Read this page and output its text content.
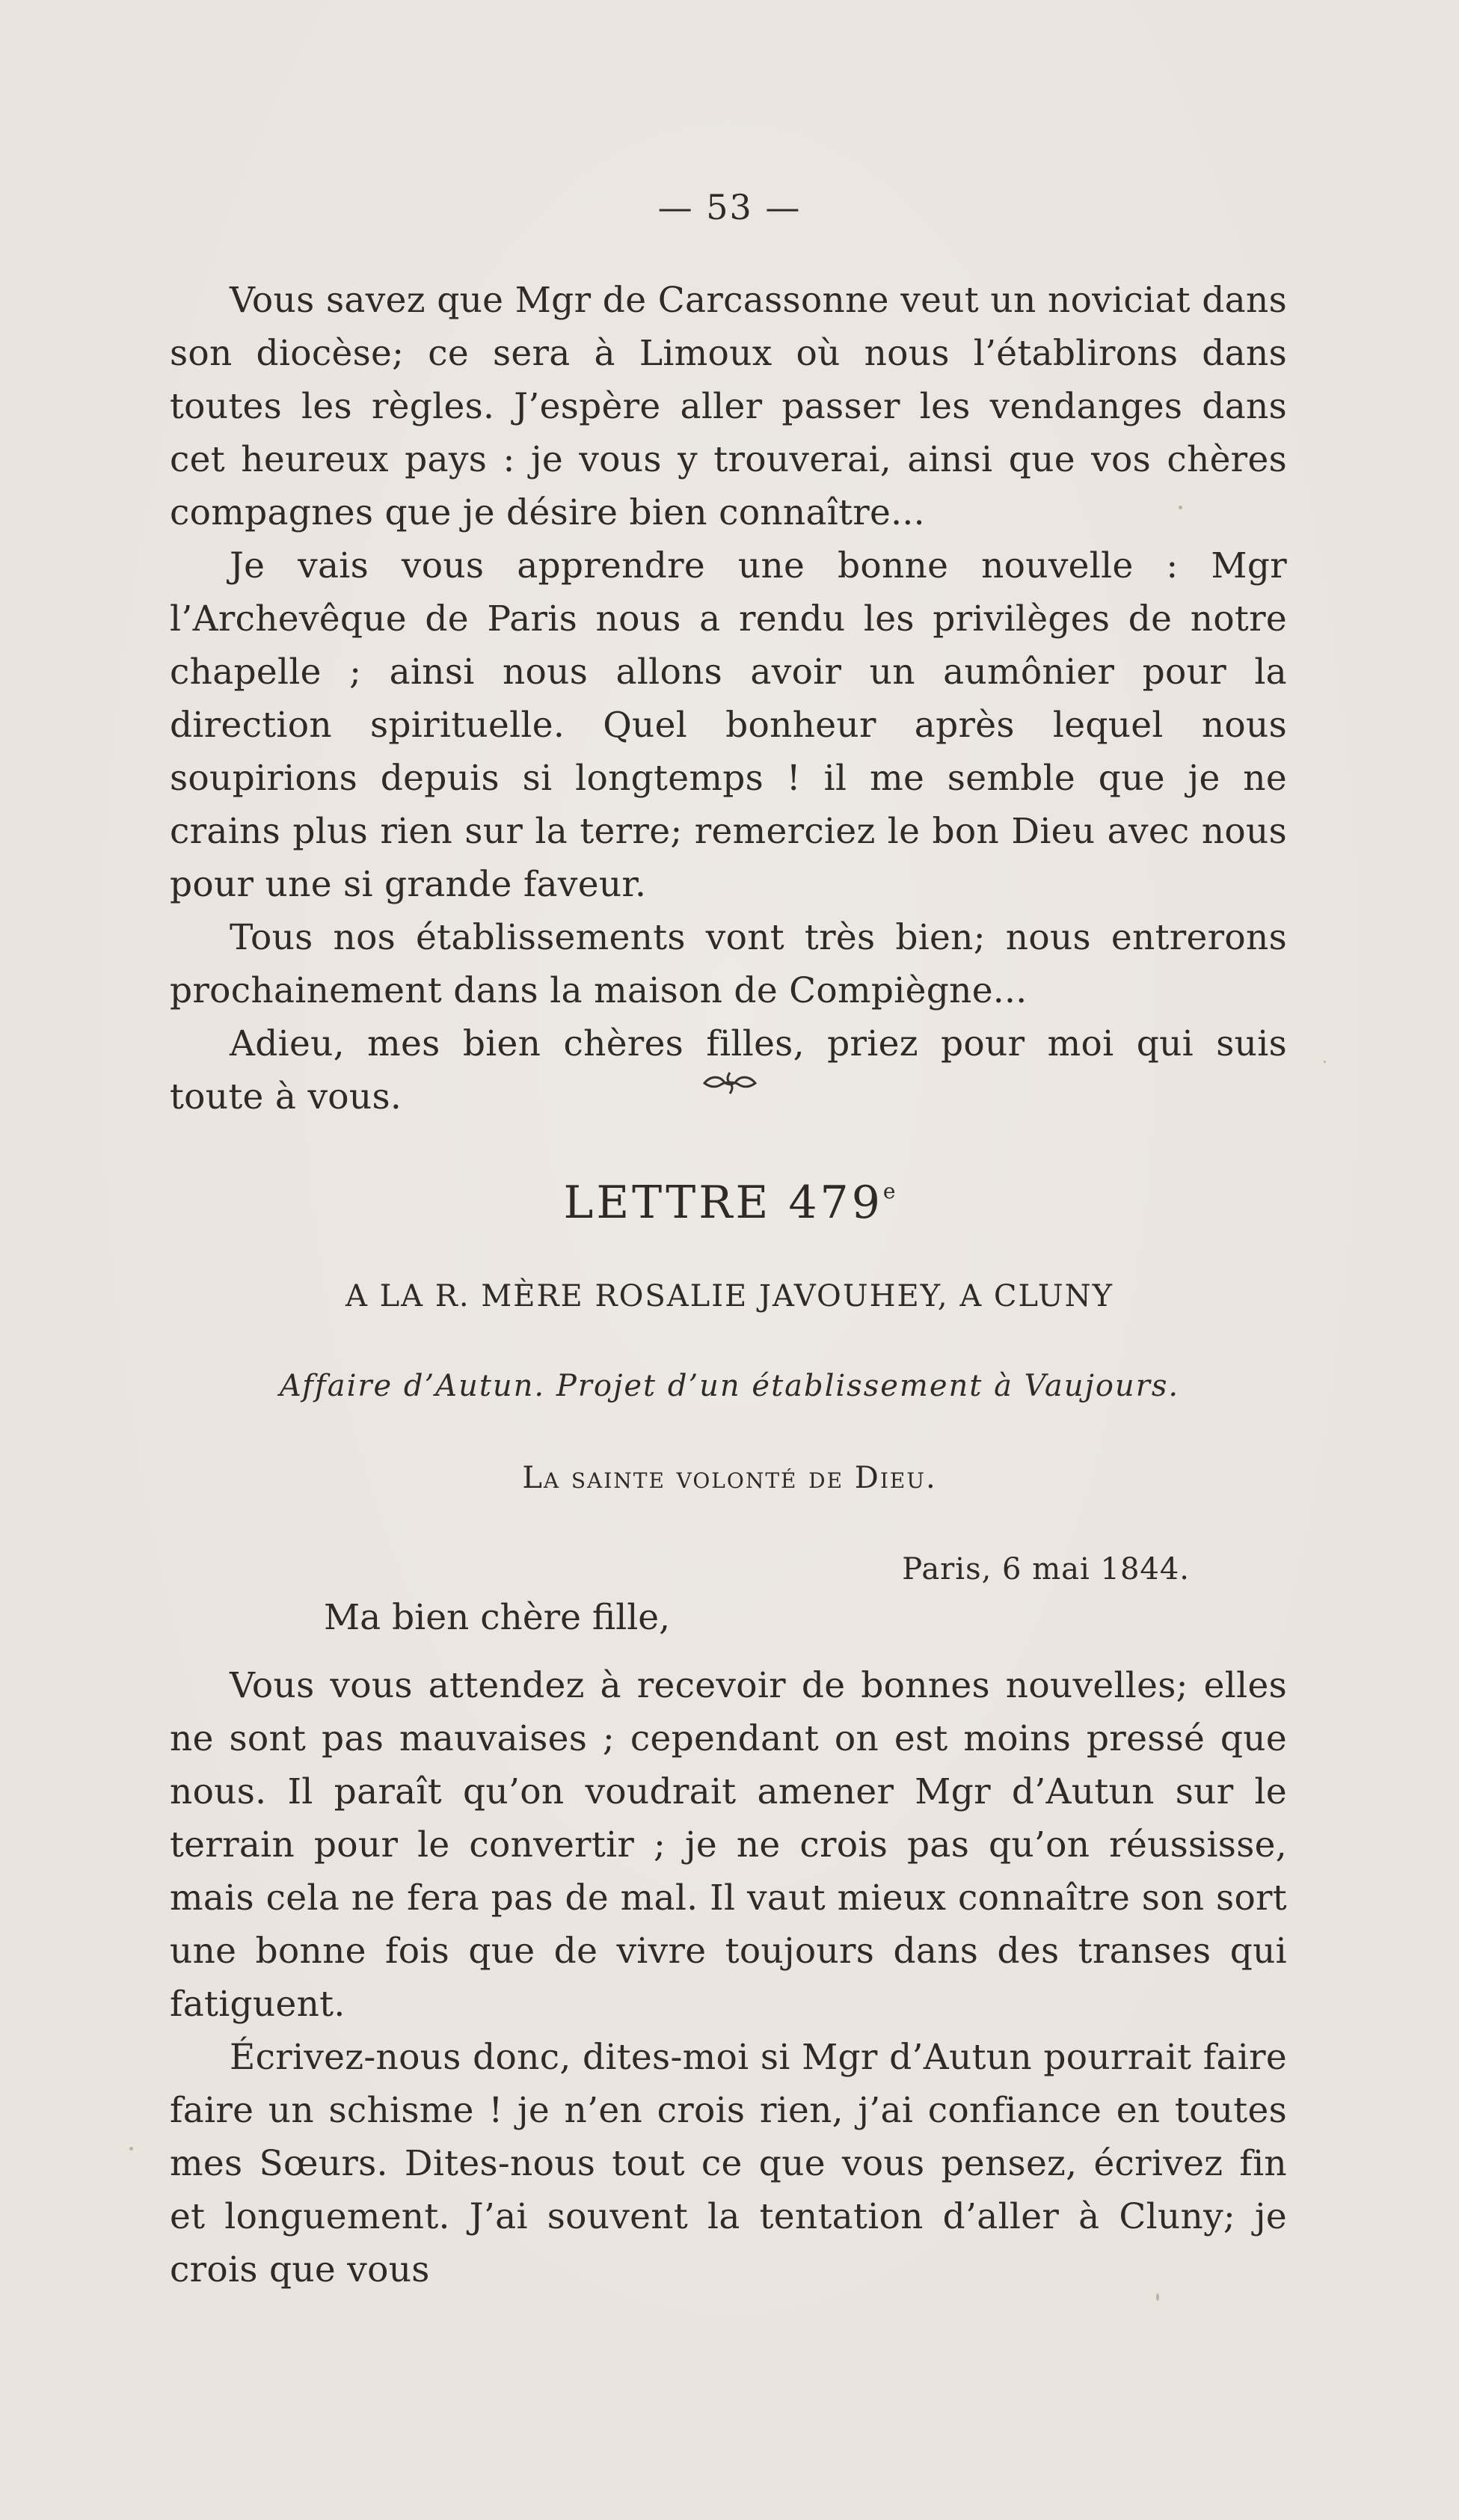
— 53 —

Vous savez que Mgr de Carcassonne veut un noviciat dans son diocèse; ce sera à Limoux où nous l’établirons dans toutes les règles. J’espère aller passer les vendanges dans cet heureux pays : je vous y trouverai, ainsi que vos chères compagnes que je désire bien connaître...

Je vais vous apprendre une bonne nouvelle : Mgr l’Archevêque de Paris nous a rendu les privilèges de notre chapelle ; ainsi nous allons avoir un aumônier pour la direction spirituelle. Quel bonheur après lequel nous soupirions depuis si longtemps ! il me semble que je ne crains plus rien sur la terre; remerciez le bon Dieu avec nous pour une si grande faveur.

Tous nos établissements vont très bien; nous entrerons prochainement dans la maison de Compiègne...

Adieu, mes bien chères filles, priez pour moi qui suis toute à vous.

LETTRE 479e
A LA R. MÈRE ROSALIE JAVOUHEY, A CLUNY
Affaire d’Autun. Projet d’un établissement à Vaujours.
La sainte volonté de Dieu.
Paris, 6 mai 1844.
Ma bien chère fille,

Vous vous attendez à recevoir de bonnes nouvelles; elles ne sont pas mauvaises ; cependant on est moins pressé que nous. Il paraît qu’on voudrait amener Mgr d’Autun sur le terrain pour le convertir ; je ne crois pas qu’on réussisse, mais cela ne fera pas de mal. Il vaut mieux connaître son sort une bonne fois que de vivre toujours dans des transes qui fatiguent.

Écrivez-nous donc, dites-moi si Mgr d’Autun pourrait faire faire un schisme ! je n’en crois rien, j’ai confiance en toutes mes Sœurs. Dites-nous tout ce que vous pensez, écrivez fin et longuement. J’ai souvent la tentation d’aller à Cluny; je crois que vous
